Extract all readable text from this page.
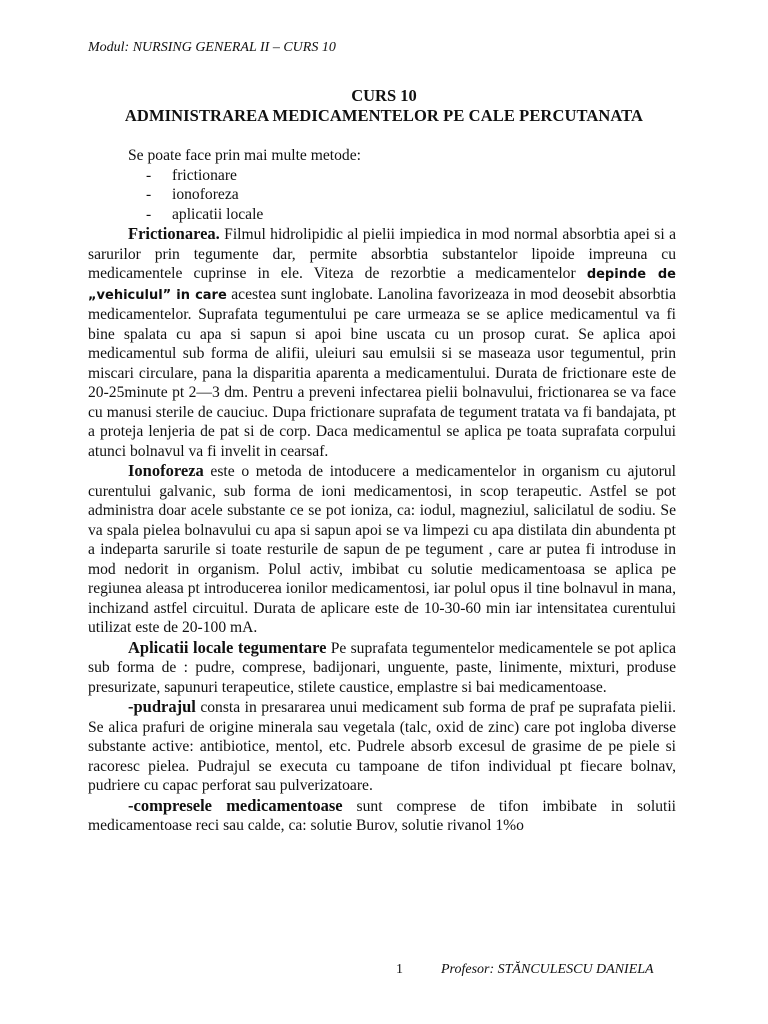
Modul: NURSING GENERAL II – CURS 10
CURS 10
ADMINISTRAREA MEDICAMENTELOR PE CALE PERCUTANATA

Se poate face prin mai multe metode:

- frictionare
- ionoforeza
- aplicatii locale

Frictionarea. Filmul hidrolipidic al pielii impiedica in mod normal absorbtia apei si a sarurilor prin tegumente dar, permite absorbtia substantelor lipoide impreuna cu medicamentele cuprinse in ele. Viteza de rezorbtie a medicamentelor depinde de „vehiculul” in care acestea sunt inglobate. Lanolina favorizeaza in mod deosebit absorbtia medicamentelor. Suprafata tegumentului pe care urmeaza se se aplice medicamentul va fi bine spalata cu apa si sapun si apoi bine uscata cu un prosop curat. Se aplica apoi medicamentul sub forma de alifii, uleiuri sau emulsii si se maseaza usor tegumentul, prin miscari circulare, pana la disparitia aparenta a medicamentului. Durata de frictionare este de 20-25minute pt 2—3 dm. Pentru a preveni infectarea pielii bolnavului, frictionarea se va face cu manusi sterile de cauciuc. Dupa frictionare suprafata de tegument tratata va fi bandajata, pt a proteja lenjeria de pat si de corp. Daca medicamentul se aplica pe toata suprafata corpului atunci bolnavul va fi invelit in cearsaf.

Ionoforeza este o metoda de intoducere a medicamentelor in organism cu ajutorul curentului galvanic, sub forma de ioni medicamentosi, in scop terapeutic. Astfel se pot administra doar acele substante ce se pot ioniza, ca: iodul, magneziul, salicilatul de sodiu. Se va spala pielea bolnavului cu apa si sapun apoi se va limpezi cu apa distilata din abundenta pt a indeparta sarurile si toate resturile de sapun de pe tegument , care ar putea fi introduse in mod nedorit in organism. Polul activ, imbibat cu solutie medicamentoasa se aplica pe regiunea aleasa pt introducerea ionilor medicamentosi, iar polul opus il tine bolnavul in mana, inchizand astfel circuitul. Durata de aplicare este de 10-30-60 min iar intensitatea curentului utilizat este de 20-100 mA.

Aplicatii locale tegumentare Pe suprafata tegumentelor medicamentele se pot aplica sub forma de : pudre, comprese, badijonari, unguente, paste, linimente, mixturi, produse presurizate, sapunuri terapeutice, stilete caustice, emplastre si bai medicamentoase.

-pudrajul consta in presararea unui medicament sub forma de praf pe suprafata pielii. Se alica prafuri de origine minerala sau vegetala (talc, oxid de zinc) care pot ingloba diverse substante active: antibiotice, mentol, etc. Pudrele absorb excesul de grasime de pe piele si racoresc pielea. Pudrajul se executa cu tampoane de tifon individual pt fiecare bolnav, pudriere cu capac perforat sau pulverizatoare.

-compresele medicamentoase sunt comprese de tifon imbibate in solutii medicamentoase reci sau calde, ca: solutie Burov, solutie rivanol 1%o

1	Profesor: STĂNCULESCU DANIELA
